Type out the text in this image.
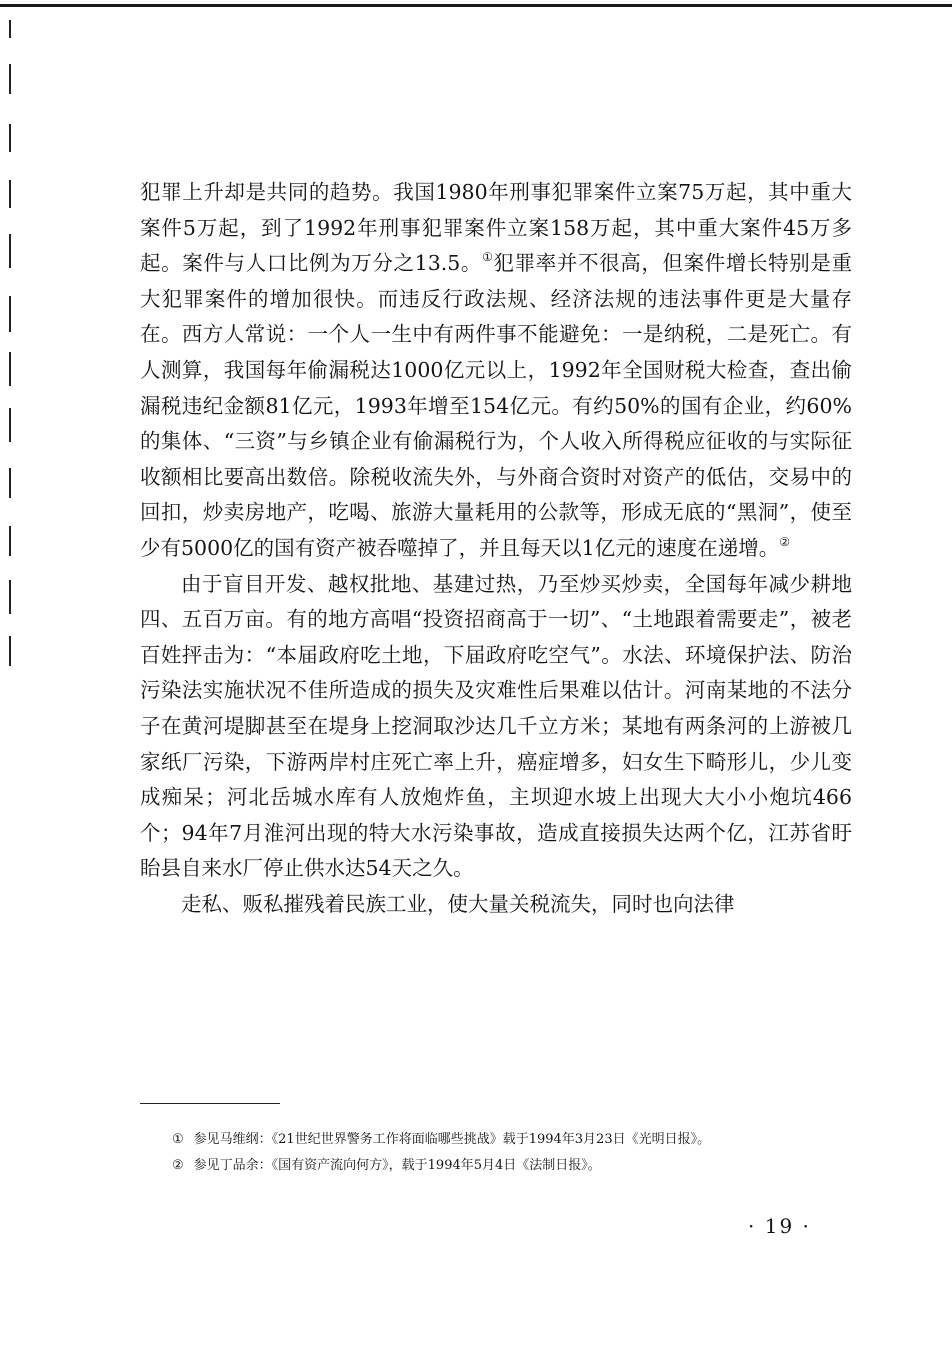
犯罪上升却是共同的趋势。我国1980年刑事犯罪案件立案75万起，其中重大案件5万起，到了1992年刑事犯罪案件立案158万起，其中重大案件45万多起。案件与人口比例为万分之13.5。①犯罪率并不很高，但案件增长特别是重大犯罪案件的增加很快。而违反行政法规、经济法规的违法事件更是大量存在。西方人常说：一个人一生中有两件事不能避免：一是纳税，二是死亡。有人测算，我国每年偷漏税达1000亿元以上，1992年全国财税大检查，查出偷漏税违纪金额81亿元，1993年增至154亿元。有约50%的国有企业，约60%的集体、“三资”与乡镇企业有偷漏税行为，个人收入所得税应征收的与实际征收额相比要高出数倍。除税收流失外，与外商合资时对资产的低估，交易中的回扣，炒卖房地产，吃喝、旅游大量耗用的公款等，形成无底的“黑洞”，使至少有5000亿的国有资产被吞噬掉了，并且每天以1亿元的速度在递增。②

由于盲目开发、越权批地、基建过热，乃至炒买炒卖，全国每年减少耕地四、五百万亩。有的地方高唱“投资招商高于一切”、“土地跟着需要走”，被老百姓抨击为：“本届政府吃土地，下届政府吃空气”。水法、环境保护法、防治污染法实施状况不佳所造成的损失及灾难性后果难以估计。河南某地的不法分子在黄河堤脚甚至在堤身上挖洞取沙达几千立方米；某地有两条河的上游被几家纸厂污染，下游两岸村庄死亡率上升，癌症增多，妇女生下畸形儿，少儿变成痴呆；河北岳城水库有人放炮炸鱼，主坝迎水坡上出现大大小小炮坑466个；94年7月淮河出现的特大水污染事故，造成直接损失达两个亿，江苏省盱眙县自来水厂停止供水达54天之久。

走私、贩私摧残着民族工业，使大量关税流失，同时也向法律

① 参见马维纲：《21世纪世界警务工作将面临哪些挑战》载于1994年3月23日《光明日报》。

② 参见丁品余：《国有资产流向何方》，载于1994年5月4日《法制日报》。

· 19 ·
